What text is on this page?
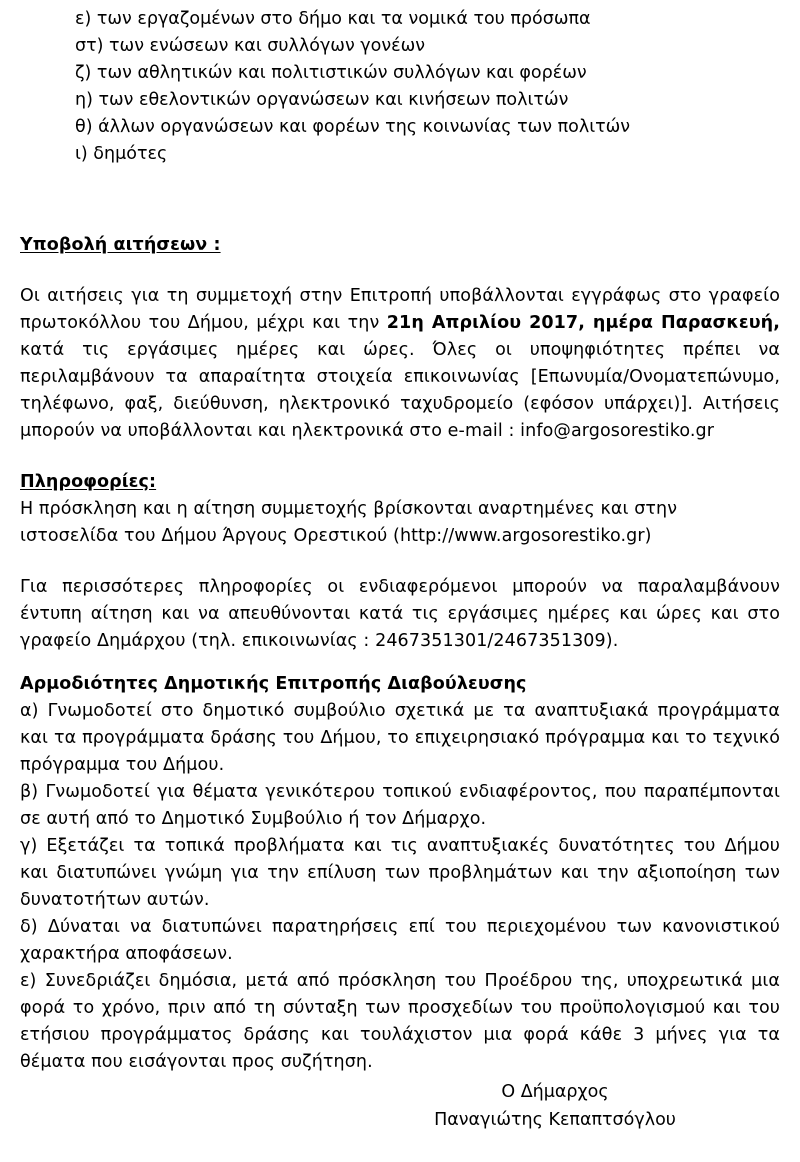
ε) των εργαζομένων στο δήμο και τα νομικά του πρόσωπα
στ) των ενώσεων και συλλόγων γονέων
ζ) των αθλητικών και πολιτιστικών συλλόγων και φορέων
η) των εθελοντικών οργανώσεων και κινήσεων πολιτών
θ) άλλων οργανώσεων και φορέων της κοινωνίας των πολιτών
ι) δημότες
Υποβολή αιτήσεων :

Οι αιτήσεις για τη συμμετοχή στην Επιτροπή υποβάλλονται εγγράφως στο γραφείο πρωτοκόλλου του Δήμου, μέχρι και την 21η Απριλίου 2017, ημέρα Παρασκευή, κατά τις εργάσιμες ημέρες και ώρες. Όλες οι υποψηφιότητες πρέπει να περιλαμβάνουν τα απαραίτητα στοιχεία επικοινωνίας [Επωνυμία/Ονοματεπώνυμο, τηλέφωνο, φαξ, διεύθυνση, ηλεκτρονικό ταχυδρομείο (εφόσον υπάρχει)]. Αιτήσεις μπορούν να υποβάλλονται και ηλεκτρονικά στο e-mail : info@argosorestiko.gr

Πληροφορίες:

Η πρόσκληση και η αίτηση συμμετοχής βρίσκονται αναρτημένες και στην ιστοσελίδα του Δήμου Άργους Ορεστικού (http://www.argosorestiko.gr)

Για περισσότερες πληροφορίες οι ενδιαφερόμενοι μπορούν να παραλαμβάνουν έντυπη αίτηση και να απευθύνονται κατά τις εργάσιμες ημέρες και ώρες και στο γραφείο Δημάρχου (τηλ. επικοινωνίας : 2467351301/2467351309).

Αρμοδιότητες Δημοτικής Επιτροπής Διαβούλευσης

α) Γνωμοδοτεί στο δημοτικό συμβούλιο σχετικά με τα αναπτυξιακά προγράμματα και τα προγράμματα δράσης του Δήμου, το επιχειρησιακό πρόγραμμα και το τεχνικό πρόγραμμα του Δήμου.

β) Γνωμοδοτεί για θέματα γενικότερου τοπικού ενδιαφέροντος, που παραπέμπονται σε αυτή από το Δημοτικό Συμβούλιο ή τον Δήμαρχο.

γ) Εξετάζει τα τοπικά προβλήματα και τις αναπτυξιακές δυνατότητες του Δήμου και διατυπώνει γνώμη για την επίλυση των προβλημάτων και την αξιοποίηση των δυνατοτήτων αυτών.

δ) Δύναται να διατυπώνει παρατηρήσεις επί του περιεχομένου των κανονιστικού χαρακτήρα αποφάσεων.

ε) Συνεδριάζει δημόσια, μετά από πρόσκληση του Προέδρου της, υποχρεωτικά μια φορά το χρόνο, πριν από τη σύνταξη των προσχεδίων του προϋπολογισμού και του ετήσιου προγράμματος δράσης και τουλάχιστον μια φορά κάθε 3 μήνες για τα θέματα που εισάγονται προς συζήτηση.

Ο Δήμαρχος
Παναγιώτης Κεπαπτσόγλου
